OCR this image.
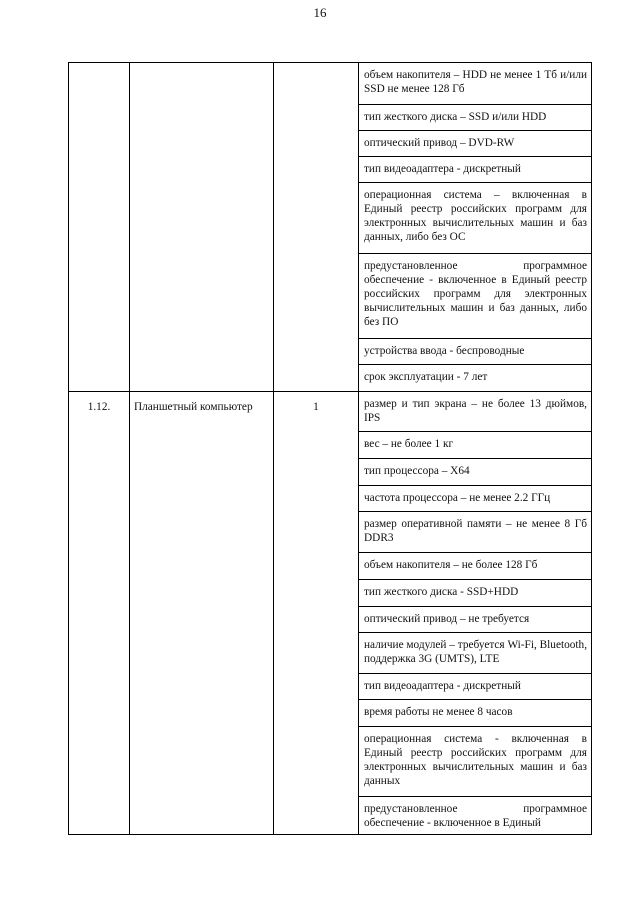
16
			объем накопителя – HDD не менее 1 Тб и/или SSD не менее 128 Гб
			тип жесткого диска – SSD и/или HDD
			оптический привод – DVD-RW
			тип видеоадаптера - дискретный
			операционная система – включенная в Единый реестр российских программ для электронных вычислительных машин и баз данных, либо без ОС
			предустановленное программное обеспечение - включенное в Единый реестр российских программ для электронных вычислительных машин и баз данных, либо без ПО
			устройства ввода - беспроводные
			срок эксплуатации - 7 лет
1.12.	Планшетный компьютер	1	размер и тип экрана – не более 13 дюймов, IPS
			вес – не более 1 кг
			тип процессора – X64
			частота процессора – не менее 2.2 ГГц
			размер оперативной памяти – не менее 8 Гб DDR3
			объем накопителя – не более 128 Гб
			тип жесткого диска - SSD+HDD
			оптический привод – не требуется
			наличие модулей – требуется Wi-Fi, Bluetooth, поддержка 3G (UMTS), LTE
			тип видеоадаптера - дискретный
			время работы не менее 8 часов
			операционная система - включенная в Единый реестр российских программ для электронных вычислительных машин и баз данных
			предустановленное программное обеспечение - включенное в Единый
